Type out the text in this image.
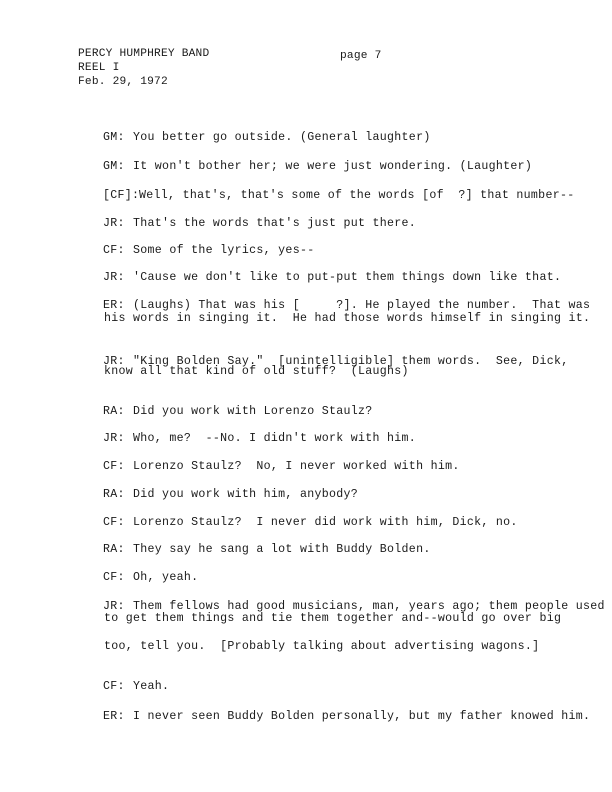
PERCY HUMPHREY BAND	page 7
REEL I
Feb. 29, 1972

GM: You better go outside. (General laughter)

GM: It won't bother her; we were just wondering. (Laughter)

[CF]:Well, that's, that's some of the words [of  ?] that number--

JR: That's the words that's just put there.

CF: Some of the lyrics, yes--

JR: 'Cause we don't like to put-put them things down like that.

ER: (Laughs) That was his [     ?]. He played the number.  That was

his words in singing it.  He had those words himself in singing it.

JR: "King Bolden Say."  [unintelligible] them words.  See, Dick,

know all that kind of old stuff?  (Laughs)

RA: Did you work with Lorenzo Staulz?

JR: Who, me?  --No. I didn't work with him.

CF: Lorenzo Staulz?  No, I never worked with him.

RA: Did you work with him, anybody?

CF: Lorenzo Staulz?  I never did work with him, Dick, no.

RA: They say he sang a lot with Buddy Bolden.

CF: Oh, yeah.

JR: Them fellows had good musicians, man, years ago; them people used

to get them things and tie them together and--would go over big
too, tell you.  [Probably talking about advertising wagons.]

CF: Yeah.

ER: I never seen Buddy Bolden personally, but my father knowed him.
